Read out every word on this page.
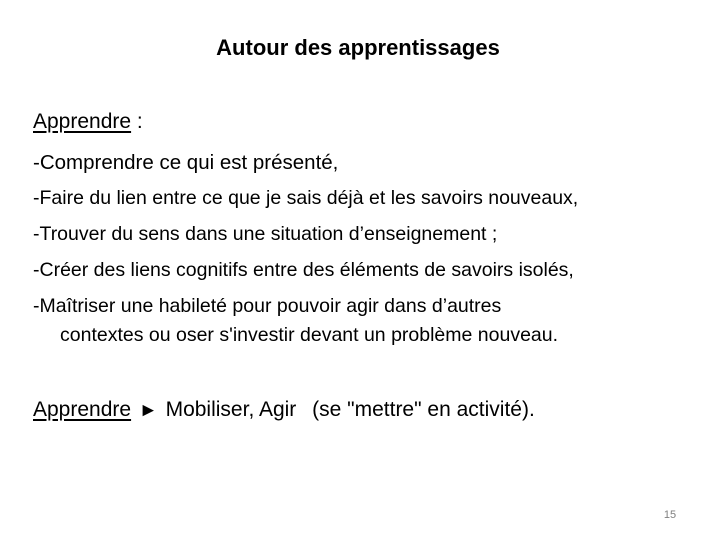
Autour des apprentissages
Apprendre :
-Comprendre ce qui est présenté,
-Faire du lien entre ce que je sais déjà et les savoirs nouveaux,
-Trouver du sens dans une situation d’enseignement ;
-Créer des liens cognitifs entre des éléments de savoirs isolés,
-Maîtriser une habileté pour pouvoir agir dans d’autres
contextes ou oser s'investir devant un problème nouveau.
Apprendre ► Mobiliser, Agir (se "mettre" en activité).
15
